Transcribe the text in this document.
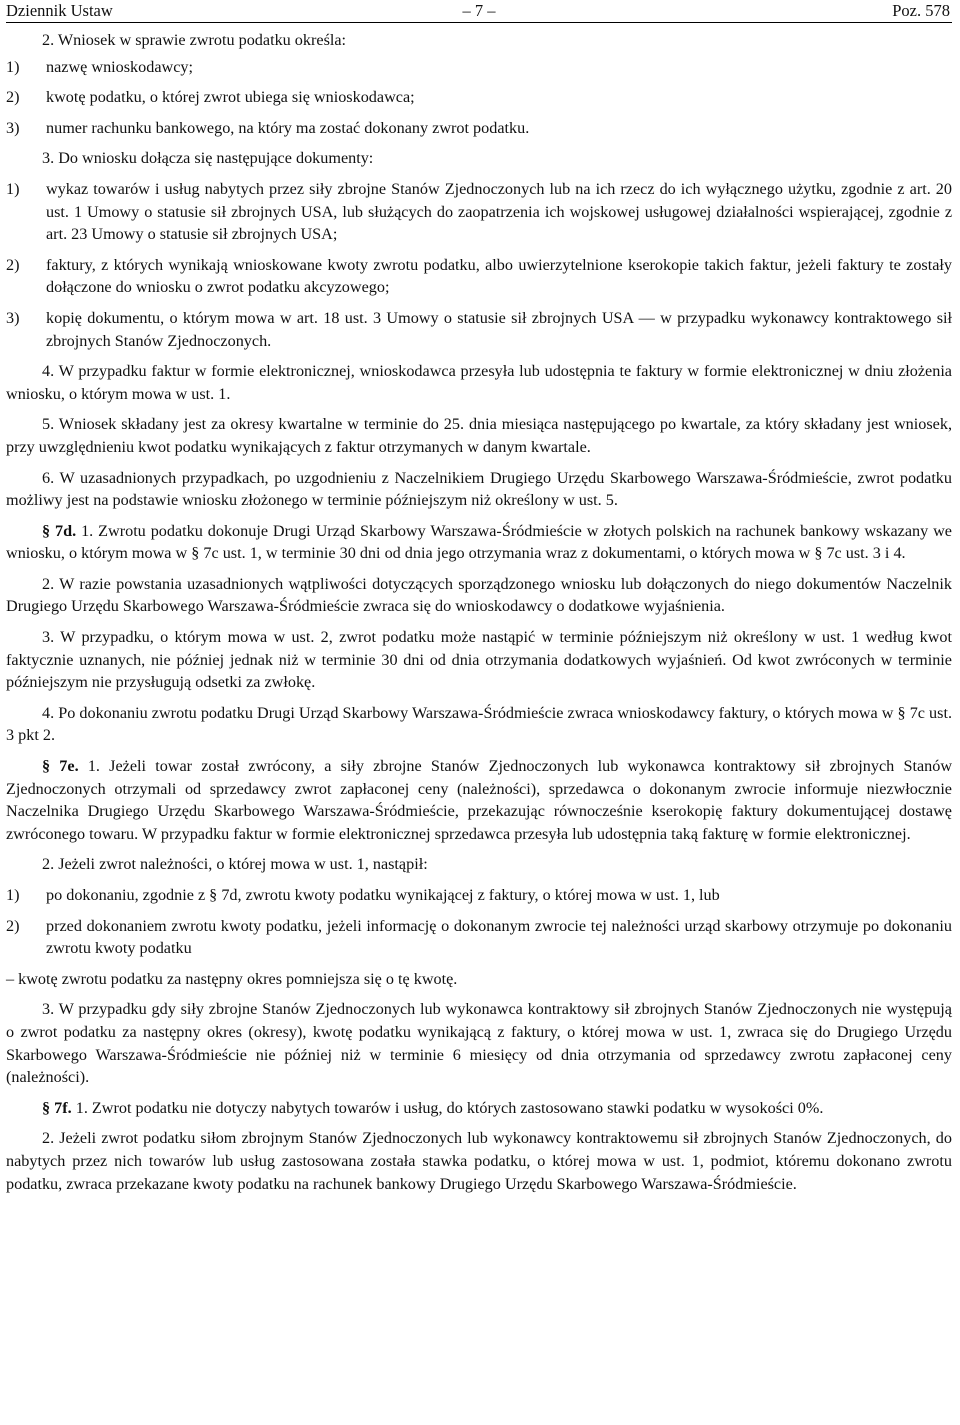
Dziennik Ustaw	– 7 –	Poz. 578

2. Wniosek w sprawie zwrotu podatku określa:

1) nazwę wnioskodawcy;
2) kwotę podatku, o której zwrot ubiega się wnioskodawca;
3) numer rachunku bankowego, na który ma zostać dokonany zwrot podatku.

3. Do wniosku dołącza się następujące dokumenty:

1) wykaz towarów i usług nabytych przez siły zbrojne Stanów Zjednoczonych lub na ich rzecz do ich wyłącznego użytku, zgodnie z art. 20 ust. 1 Umowy o statusie sił zbrojnych USA, lub służących do zaopatrzenia ich wojskowej usługowej działalności wspierającej, zgodnie z art. 23 Umowy o statusie sił zbrojnych USA;
2) faktury, z których wynikają wnioskowane kwoty zwrotu podatku, albo uwierzytelnione kserokopie takich faktur, jeżeli faktury te zostały dołączone do wniosku o zwrot podatku akcyzowego;
3) kopię dokumentu, o którym mowa w art. 18 ust. 3 Umowy o statusie sił zbrojnych USA — w przypadku wykonawcy kontraktowego sił zbrojnych Stanów Zjednoczonych.

4. W przypadku faktur w formie elektronicznej, wnioskodawca przesyła lub udostępnia te faktury w formie elektronicznej w dniu złożenia wniosku, o którym mowa w ust. 1.

5. Wniosek składany jest za okresy kwartalne w terminie do 25. dnia miesiąca następującego po kwartale, za który składany jest wniosek, przy uwzględnieniu kwot podatku wynikających z faktur otrzymanych w danym kwartale.

6. W uzasadnionych przypadkach, po uzgodnieniu z Naczelnikiem Drugiego Urzędu Skarbowego Warszawa-Śródmieście, zwrot podatku możliwy jest na podstawie wniosku złożonego w terminie późniejszym niż określony w ust. 5.

§ 7d. 1. Zwrotu podatku dokonuje Drugi Urząd Skarbowy Warszawa-Śródmieście w złotych polskich na rachunek bankowy wskazany we wniosku, o którym mowa w § 7c ust. 1, w terminie 30 dni od dnia jego otrzymania wraz z dokumentami, o których mowa w § 7c ust. 3 i 4.

2. W razie powstania uzasadnionych wątpliwości dotyczących sporządzonego wniosku lub dołączonych do niego dokumentów Naczelnik Drugiego Urzędu Skarbowego Warszawa-Śródmieście zwraca się do wnioskodawcy o dodatkowe wyjaśnienia.

3. W przypadku, o którym mowa w ust. 2, zwrot podatku może nastąpić w terminie późniejszym niż określony w ust. 1 według kwot faktycznie uznanych, nie później jednak niż w terminie 30 dni od dnia otrzymania dodatkowych wyjaśnień. Od kwot zwróconych w terminie późniejszym nie przysługują odsetki za zwłokę.

4. Po dokonaniu zwrotu podatku Drugi Urząd Skarbowy Warszawa-Śródmieście zwraca wnioskodawcy faktury, o których mowa w § 7c ust. 3 pkt 2.

§ 7e. 1. Jeżeli towar został zwrócony, a siły zbrojne Stanów Zjednoczonych lub wykonawca kontraktowy sił zbrojnych Stanów Zjednoczonych otrzymali od sprzedawcy zwrot zapłaconej ceny (należności), sprzedawca o dokonanym zwrocie informuje niezwłocznie Naczelnika Drugiego Urzędu Skarbowego Warszawa-Śródmieście, przekazując równocześnie kserokopię faktury dokumentującej dostawę zwróconego towaru. W przypadku faktur w formie elektronicznej sprzedawca przesyła lub udostępnia taką fakturę w formie elektronicznej.

2. Jeżeli zwrot należności, o której mowa w ust. 1, nastąpił:

1) po dokonaniu, zgodnie z § 7d, zwrotu kwoty podatku wynikającej z faktury, o której mowa w ust. 1, lub
2) przed dokonaniem zwrotu kwoty podatku, jeżeli informację o dokonanym zwrocie tej należności urząd skarbowy otrzymuje po dokonaniu zwrotu kwoty podatku

– kwotę zwrotu podatku za następny okres pomniejsza się o tę kwotę.

3. W przypadku gdy siły zbrojne Stanów Zjednoczonych lub wykonawca kontraktowy sił zbrojnych Stanów Zjednoczonych nie występują o zwrot podatku za następny okres (okresy), kwotę podatku wynikającą z faktury, o której mowa w ust. 1, zwraca się do Drugiego Urzędu Skarbowego Warszawa-Śródmieście nie później niż w terminie 6 miesięcy od dnia otrzymania od sprzedawcy zwrotu zapłaconej ceny (należności).

§ 7f. 1. Zwrot podatku nie dotyczy nabytych towarów i usług, do których zastosowano stawki podatku w wysokości 0%.

2. Jeżeli zwrot podatku siłom zbrojnym Stanów Zjednoczonych lub wykonawcy kontraktowemu sił zbrojnych Stanów Zjednoczonych, do nabytych przez nich towarów lub usług zastosowana została stawka podatku, o której mowa w ust. 1, podmiot, któremu dokonano zwrotu podatku, zwraca przekazane kwoty podatku na rachunek bankowy Drugiego Urzędu Skarbowego Warszawa-Śródmieście.
